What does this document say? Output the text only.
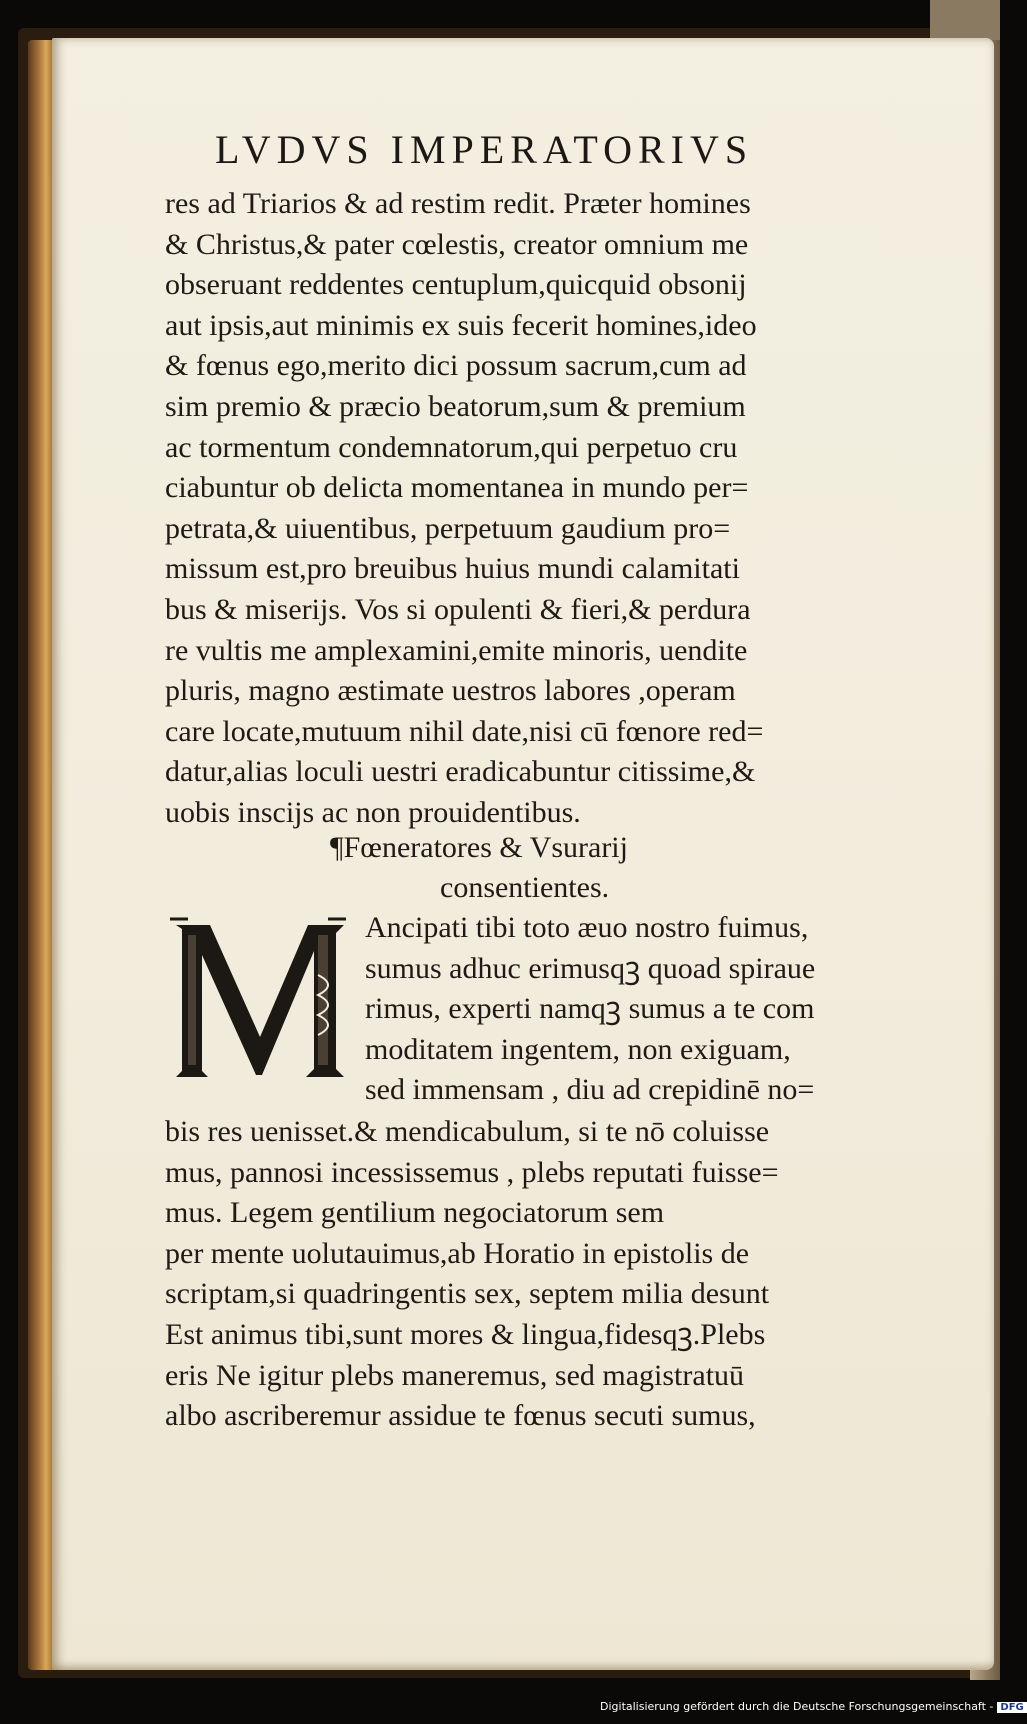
LVDVS IMPERATORIVS
res ad Triarios & ad restim redit. Præter homines
& Christus,& pater cœlestis, creator omnium me
obseruant reddentes centuplum,quicquid obsonij
aut ipsis,aut minimis ex suis fecerit homines,ideo
& fœnus ego,merito dici possum sacrum,cum ad
sim premio & præcio beatorum,sum & premium
ac tormentum condemnatorum,qui perpetuo cru
ciabuntur ob delicta momentanea in mundo per=
petrata,& uiuentibus, perpetuum gaudium pro=
missum est,pro breuibus huius mundi calamitati
bus & miserijs. Vos si opulenti & fieri,& perdura
re vultis me amplexamini,emite minoris, uendite
pluris, magno æstimate uestros labores ,operam
care locate,mutuum nihil date,nisi cū fœnore red=
datur,alias loculi uestri eradicabuntur citissime,&
uobis inscijs ac non prouidentibus.
¶Fœneratores & Vsurarij
consentientes.
Ancipati tibi toto æuo nostro fuimus,
sumus adhuc erimusqꝫ quoad spiraue
rimus, experti namqꝫ sumus a te com
moditatem ingentem, non exiguam,
sed immensam , diu ad crepidinē no=
bis res uenisset.& mendicabulum, si te nō coluisse
mus, pannosi incessissemus , plebs reputati fuisse=
mus. Legem gentilium negociatorum sem
per mente uolutauimus,ab Horatio in epistolis de
scriptam,si quadringentis sex, septem milia desunt
Est animus tibi,sunt mores & lingua,fidesqꝫ.Plebs
eris Ne igitur plebs maneremus, sed magistratuū
albo ascriberemur assidue te fœnus secuti sumus,
Digitalisierung gefördert durch die Deutsche Forschungsgemeinschaft - DFG
